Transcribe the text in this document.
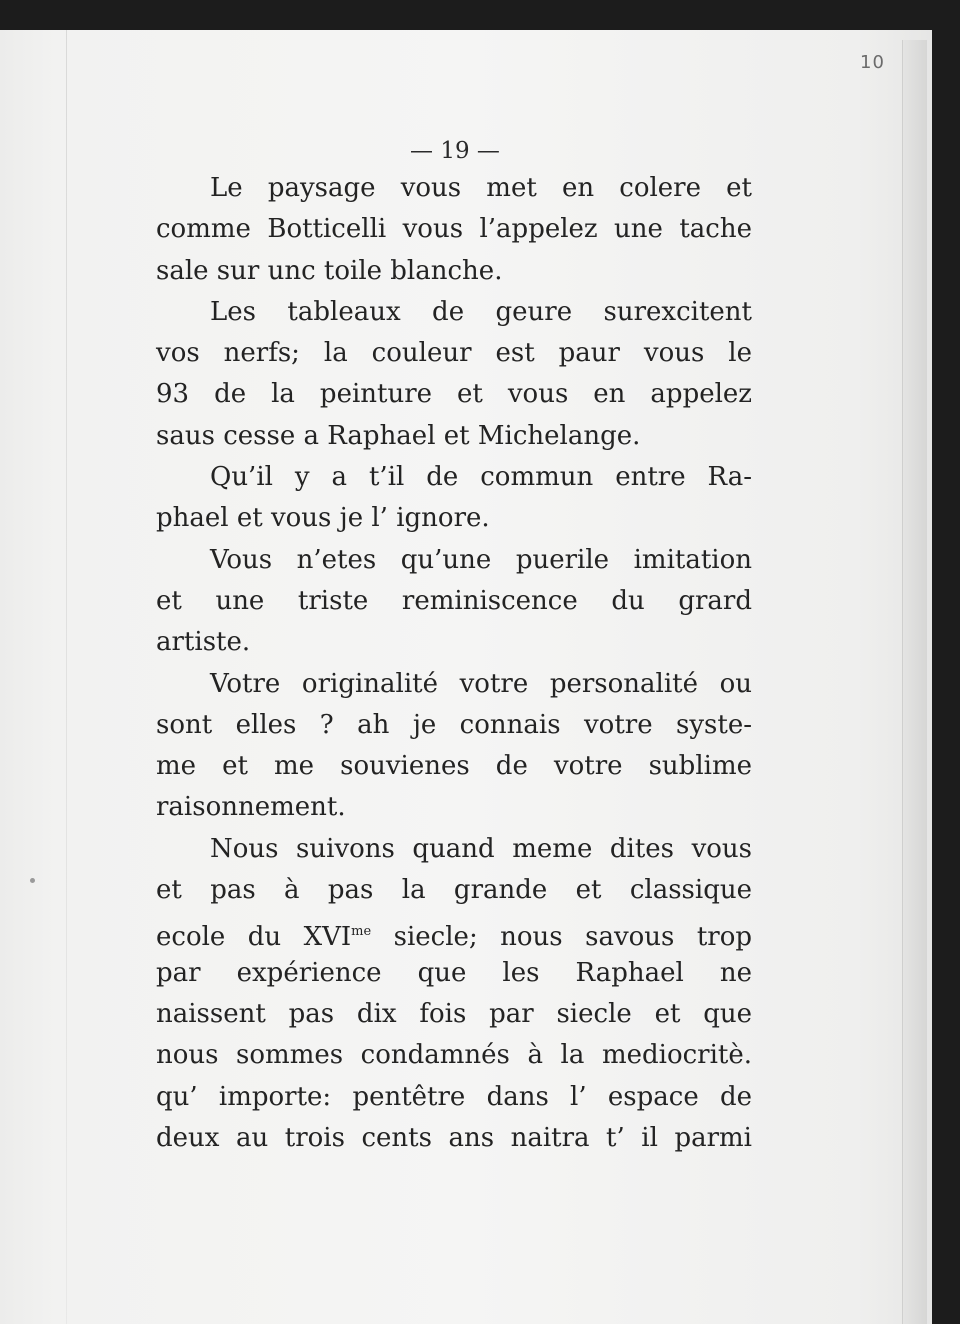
10
— 19 —
Le paysage vous met en colere et
comme Botticelli vous l’appelez une tache
sale sur unc toile blanche.
Les tableaux de geure surexcitent
vos nerfs; la couleur est paur vous le
93 de la peinture et vous en appelez
saus cesse a Raphael et Michelange.
Qu’il y a t’il de commun entre Ra-
phael et vous je l’ ignore.
Vous n’etes qu’une puerile imitation
et une triste reminiscence du grard
artiste.
Votre originalité votre personalité ou
sont elles ? ah je connais votre syste-
me et me souvienes de votre sublime
raisonnement.
Nous suivons quand meme dites vous
et pas à pas la grande et classique
ecole du $XVI^{me}$ siecle; nous savous trop
par expérience que les Raphael ne
naissent pas dix fois par siecle et que
nous sommes condamnés à la mediocritè.
qu’ importe: pentêtre dans l’ espace de
deux au trois cents ans naitra t’ il parmi
